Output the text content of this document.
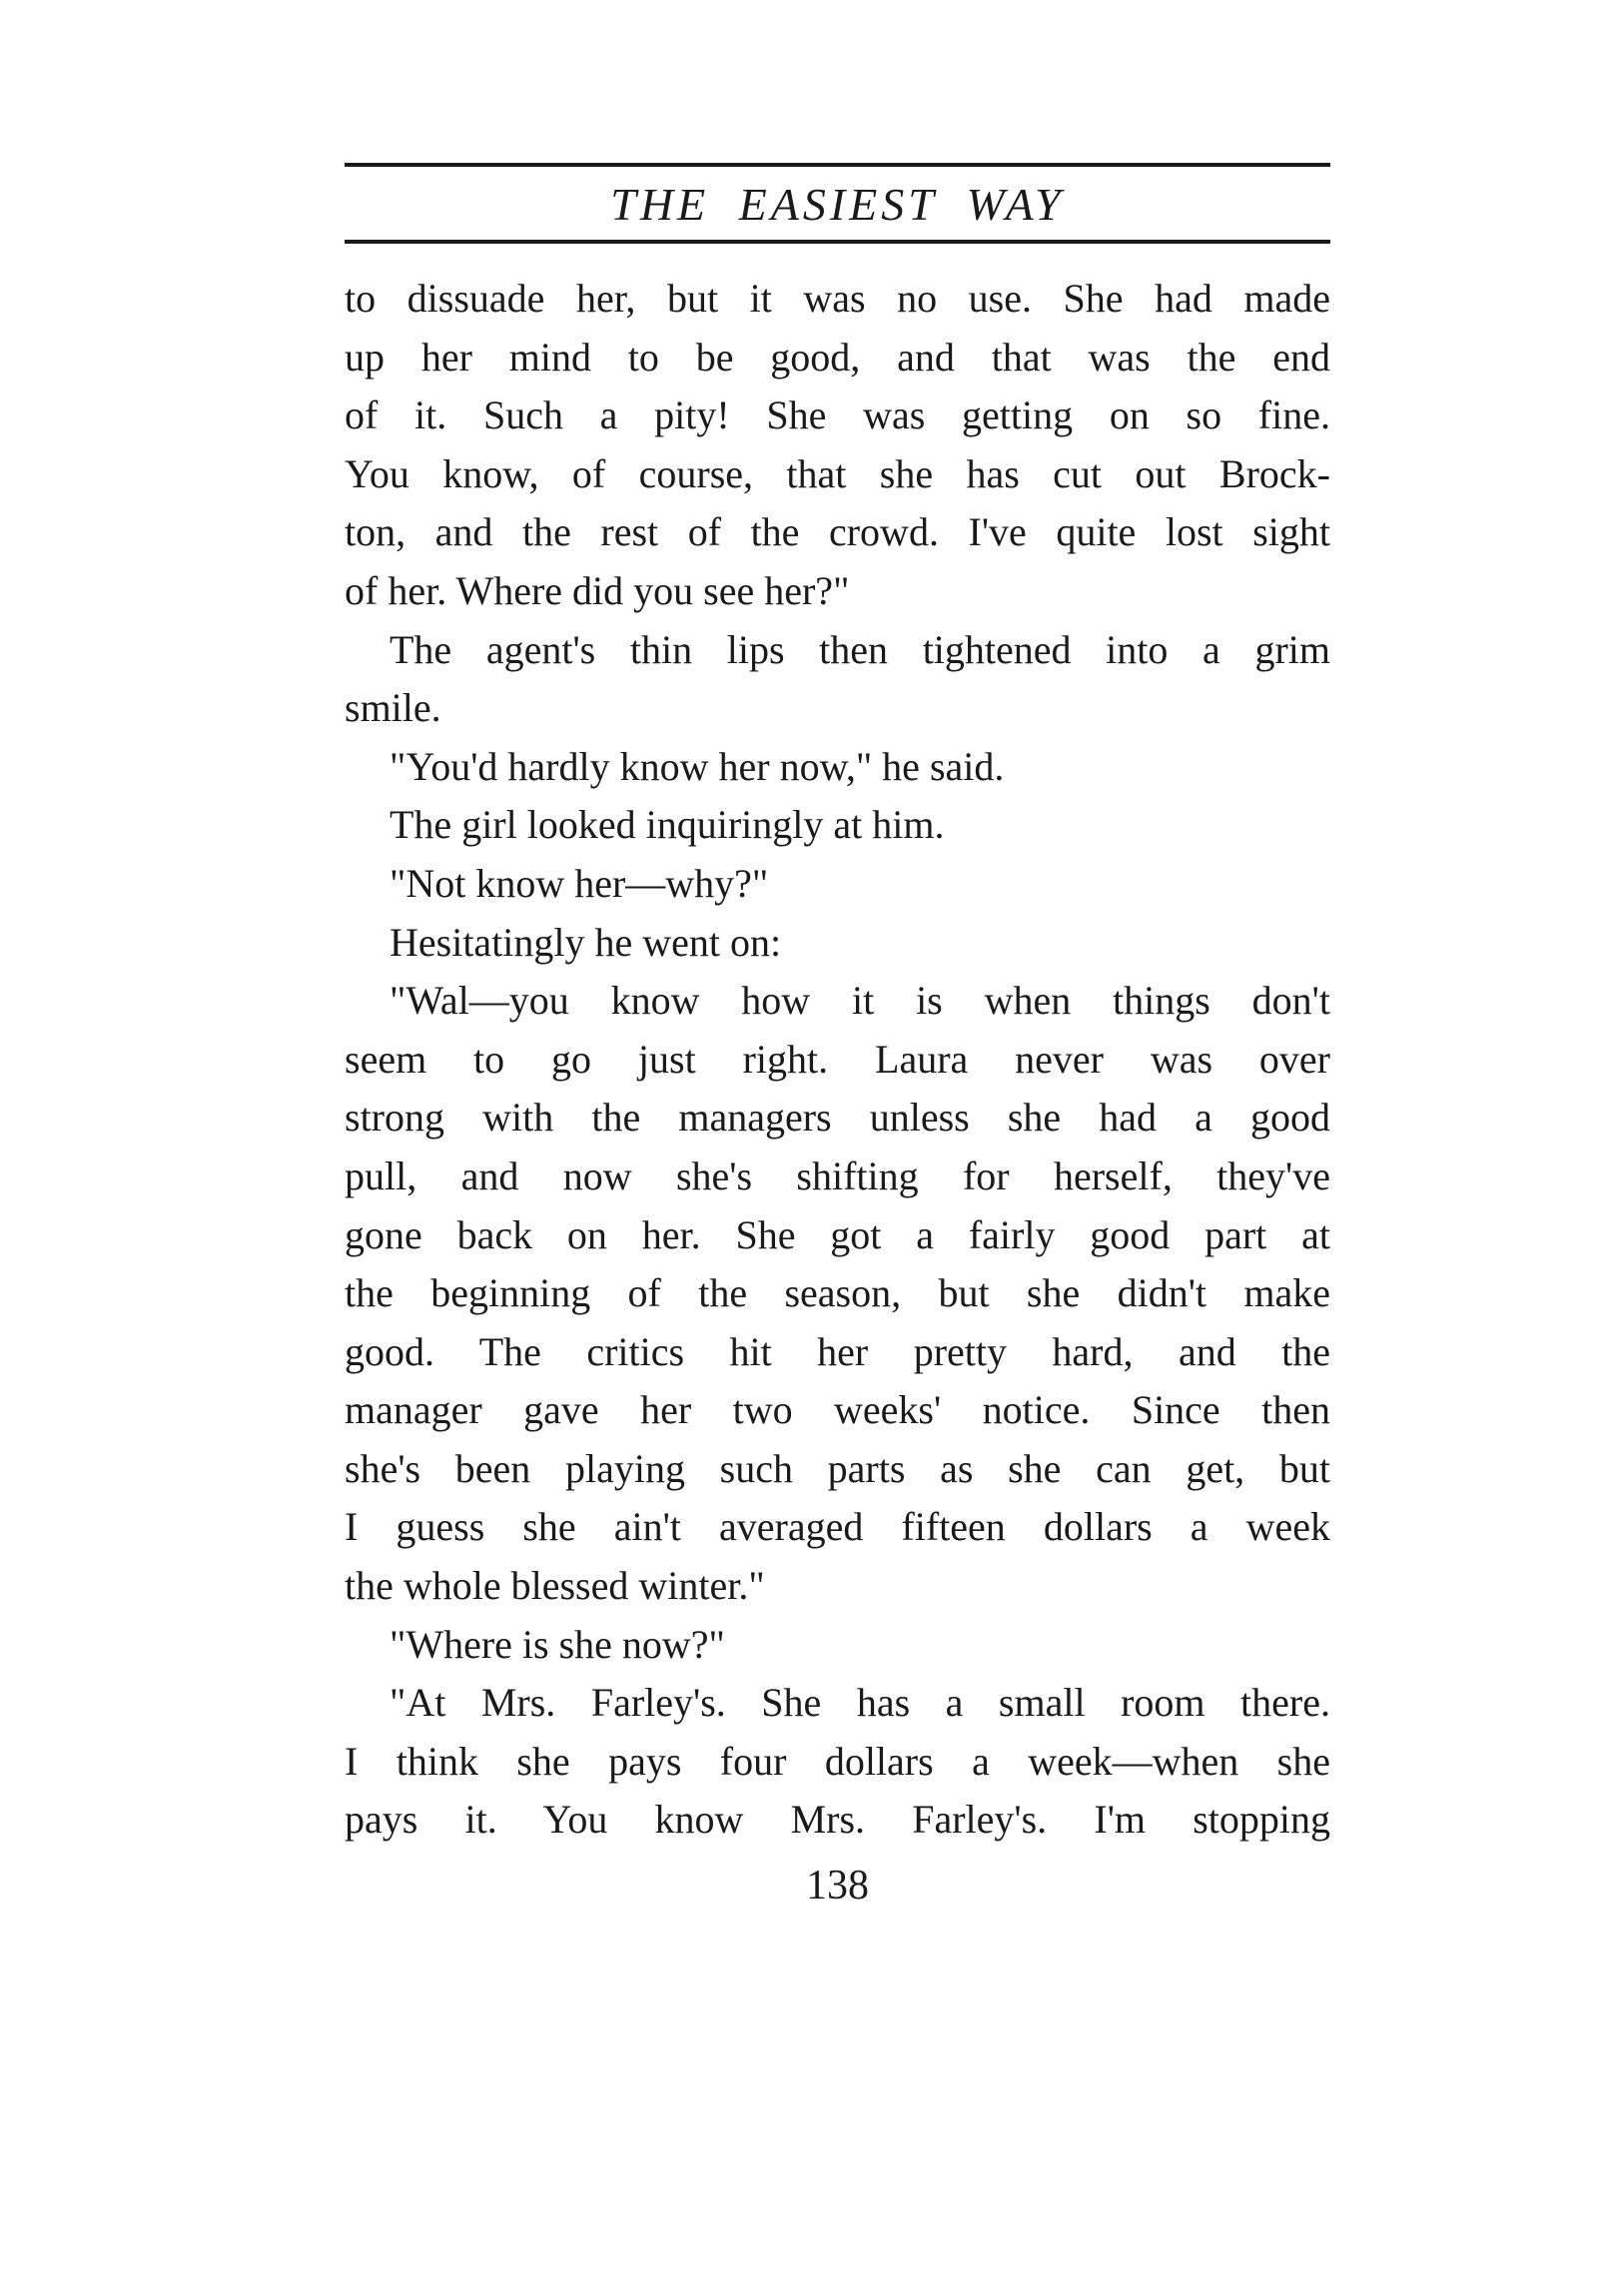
THE EASIEST WAY
to dissuade her, but it was no use. She had made
up her mind to be good, and that was the end
of it. Such a pity! She was getting on so fine.
You know, of course, that she has cut out Brock-
ton, and the rest of the crowd. I've quite lost sight
of her. Where did you see her?"
The agent's thin lips then tightened into a grim
smile.
"You'd hardly know her now," he said.
The girl looked inquiringly at him.
"Not know her—why?"
Hesitatingly he went on:
"Wal—you know how it is when things don't
seem to go just right. Laura never was over
strong with the managers unless she had a good
pull, and now she's shifting for herself, they've
gone back on her. She got a fairly good part at
the beginning of the season, but she didn't make
good. The critics hit her pretty hard, and the
manager gave her two weeks' notice. Since then
she's been playing such parts as she can get, but
I guess she ain't averaged fifteen dollars a week
the whole blessed winter."
"Where is she now?"
"At Mrs. Farley's. She has a small room there.
I think she pays four dollars a week—when she
pays it. You know Mrs. Farley's. I'm stopping
138
